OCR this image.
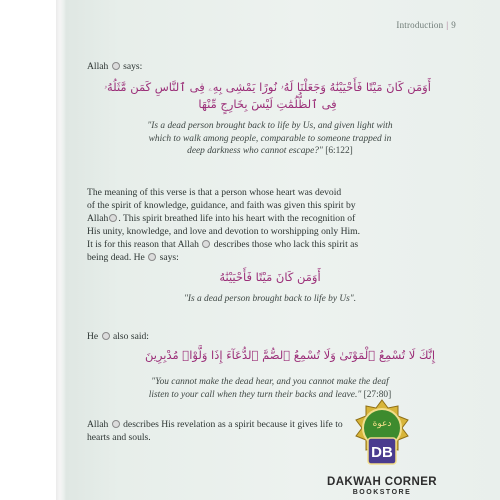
Introduction | 9

Allah  says:

أَوَمَن كَانَ مَيْتًا فَأَحْيَيْنَٰهُ وَجَعَلْنَا لَهُۥ نُورًا يَمْشِى بِهِۦ فِى ٱلنَّاسِ كَمَن مَّثَلُهُۥ فِى ٱلظُّلُمَٰتِ لَيْسَ بِخَارِجٍ مِّنْهَا
"Is a dead person brought back to life by Us, and given light with
which to walk among people, comparable to someone trapped in
deep darkness who cannot escape?" [6:122]

The meaning of this verse is that a person whose heart was devoid
of the spirit of knowledge, guidance, and faith was given this spirit by
Allah . This spirit breathed life into his heart with the recognition of
His unity, knowledge, and love and devotion to worshipping only Him.
It is for this reason that Allah  describes those who lack this spirit as
being dead. He  says:

أَوَمَن كَانَ مَيْتًا فَأَحْيَيْنَٰهُ
"Is a dead person brought back to life by Us".

He  also said:

إِنَّكَ لَا تُسْمِعُ ٱلْمَوْتَىٰ وَلَا تُسْمِعُ ٱلصُّمَّ ٱلدُّعَآءَ إِذَا وَلَّوْا۟ مُدْبِرِينَ
"You cannot make the dead hear, and you cannot make the deaf
listen to your call when they turn their backs and leave." [27:80]

Allah  describes His revelation as a spirit because it gives life to
hearts and souls.

دعوة
DB
DAKWAH CORNER
BOOKSTORE
